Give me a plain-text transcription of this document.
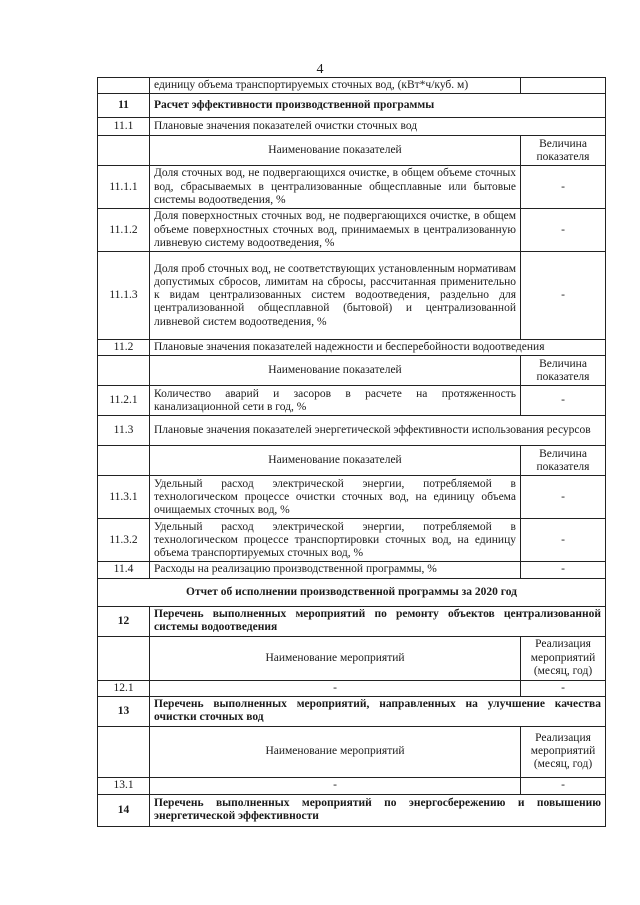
4
	единицу объема транспортируемых сточных вод, (кВт*ч/куб. м)	
11	Расчет эффективности производственной программы	
11.1	Плановые значения показателей очистки сточных вод	
	Наименование показателей	Величина показателя
11.1.1	Доля сточных вод, не подвергающихся очистке, в общем объеме сточных вод, сбрасываемых в централизованные общесплавные или бытовые системы водоотведения, %	-
11.1.2	Доля поверхностных сточных вод, не подвергающихся очистке, в общем объеме поверхностных сточных вод, принимаемых в централизованную ливневую систему водоотведения, %	-
11.1.3	Доля проб сточных вод, не соответствующих установленным нормативам допустимых сбросов, лимитам на сбросы, рассчитанная применительно к видам централизованных систем водоотведения, раздельно для централизованной общесплавной (бытовой) и централизованной ливневой систем водоотведения, %	-
11.2	Плановые значения показателей надежности и бесперебойности водоотведения	
	Наименование показателей	Величина показателя
11.2.1	Количество аварий и засоров в расчете на протяженность канализационной сети в год, %	-
11.3	Плановые значения показателей энергетической эффективности использования ресурсов	
	Наименование показателей	Величина показателя
11.3.1	Удельный расход электрической энергии, потребляемой в технологическом процессе очистки сточных вод, на единицу объема очищаемых сточных вод, %	-
11.3.2	Удельный расход электрической энергии, потребляемой в технологическом процессе транспортировки сточных вод, на единицу объема транспортируемых сточных вод, %	-
11.4	Расходы на реализацию производственной программы, %	-
Отчет об исполнении производственной программы за 2020 год		
12	Перечень выполненных мероприятий по ремонту объектов централизованной системы водоотведения	
	Наименование мероприятий	Реализация мероприятий (месяц, год)
12.1	-	-
13	Перечень выполненных мероприятий, направленных на улучшение качества очистки сточных вод	
	Наименование мероприятий	Реализация мероприятий (месяц, год)
13.1	-	-
14	Перечень выполненных мероприятий по энергосбережению и повышению энергетической эффективности	
